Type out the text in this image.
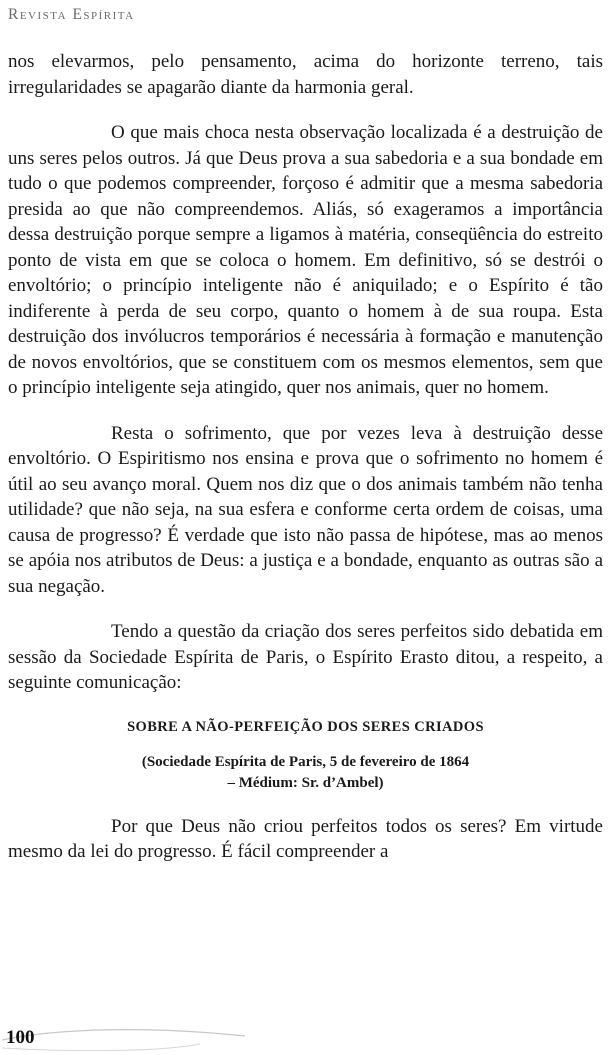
Revista Espírita

nos elevarmos, pelo pensamento, acima do horizonte terreno, tais irregularidades se apagarão diante da harmonia geral.

O que mais choca nesta observação localizada é a destruição de uns seres pelos outros. Já que Deus prova a sua sabedoria e a sua bondade em tudo o que podemos compreender, forçoso é admitir que a mesma sabedoria presida ao que não compreendemos. Aliás, só exageramos a importância dessa destruição porque sempre a ligamos à matéria, conseqüência do estreito ponto de vista em que se coloca o homem. Em definitivo, só se destrói o envoltório; o princípio inteligente não é aniquilado; e o Espírito é tão indiferente à perda de seu corpo, quanto o homem à de sua roupa. Esta destruição dos invólucros temporários é necessária à formação e manutenção de novos envoltórios, que se constituem com os mesmos elementos, sem que o princípio inteligente seja atingido, quer nos animais, quer no homem.

Resta o sofrimento, que por vezes leva à destruição desse envoltório. O Espiritismo nos ensina e prova que o sofrimento no homem é útil ao seu avanço moral. Quem nos diz que o dos animais também não tenha utilidade? que não seja, na sua esfera e conforme certa ordem de coisas, uma causa de progresso? É verdade que isto não passa de hipótese, mas ao menos se apóia nos atributos de Deus: a justiça e a bondade, enquanto as outras são a sua negação.

Tendo a questão da criação dos seres perfeitos sido debatida em sessão da Sociedade Espírita de Paris, o Espírito Erasto ditou, a respeito, a seguinte comunicação:

SOBRE A NÃO-PERFEIÇÃO DOS SERES CRIADOS

(Sociedade Espírita de Paris, 5 de fevereiro de 1864

– Médium: Sr. d’Ambel)

Por que Deus não criou perfeitos todos os seres? Em virtude mesmo da lei do progresso. É fácil compreender a

100
